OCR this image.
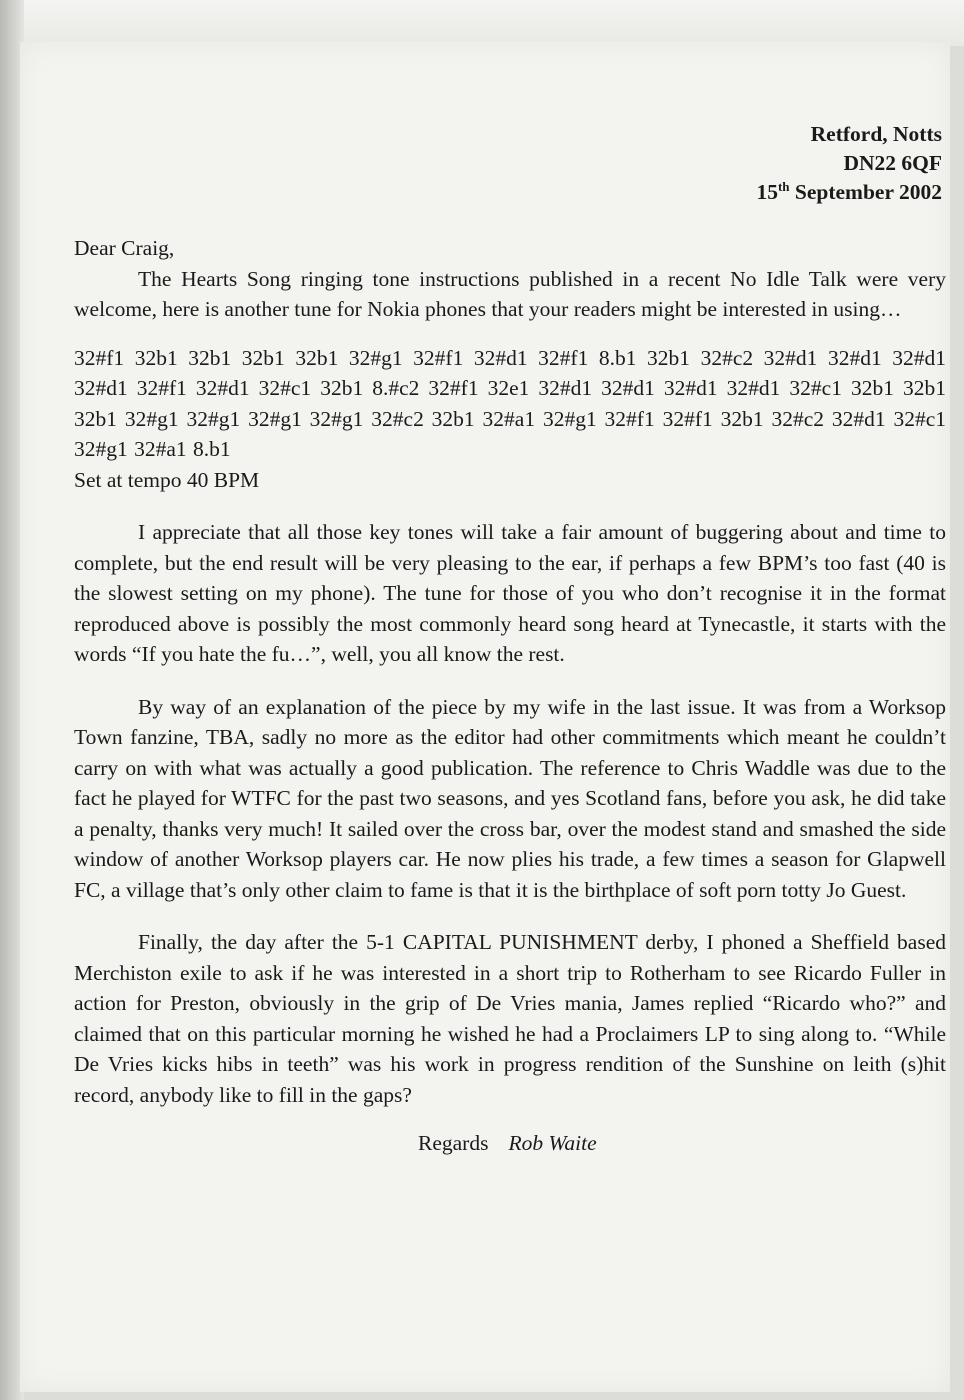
Retford, Notts
DN22 6QF
15th September 2002
Dear Craig,

The Hearts Song ringing tone instructions published in a recent No Idle Talk were very welcome, here is another tune for Nokia phones that your readers might be interested in using…

32#f1 32b1 32b1 32b1 32b1 32#g1 32#f1 32#d1 32#f1 8.b1 32b1 32#c2 32#d1 32#d1 32#d1 32#d1 32#f1 32#d1 32#c1 32b1 8.#c2 32#f1 32e1 32#d1 32#d1 32#d1 32#d1 32#c1 32b1 32b1 32b1 32#g1 32#g1 32#g1 32#g1 32#c2 32b1 32#a1 32#g1 32#f1 32#f1 32b1 32#c2 32#d1 32#c1 32#g1 32#a1 8.b1
Set at tempo 40 BPM

I appreciate that all those key tones will take a fair amount of buggering about and time to complete, but the end result will be very pleasing to the ear, if perhaps a few BPM’s too fast (40 is the slowest setting on my phone). The tune for those of you who don’t recognise it in the format reproduced above is possibly the most commonly heard song heard at Tynecastle, it starts with the words “If you hate the fu…”, well, you all know the rest.

By way of an explanation of the piece by my wife in the last issue. It was from a Worksop Town fanzine, TBA, sadly no more as the editor had other commitments which meant he couldn’t carry on with what was actually a good publication. The reference to Chris Waddle was due to the fact he played for WTFC for the past two seasons, and yes Scotland fans, before you ask, he did take a penalty, thanks very much! It sailed over the cross bar, over the modest stand and smashed the side window of another Worksop players car. He now plies his trade, a few times a season for Glapwell FC, a village that’s only other claim to fame is that it is the birthplace of soft porn totty Jo Guest.

Finally, the day after the 5-1 CAPITAL PUNISHMENT derby, I phoned a Sheffield based Merchiston exile to ask if he was interested in a short trip to Rotherham to see Ricardo Fuller in action for Preston, obviously in the grip of De Vries mania, James replied “Ricardo who?” and claimed that on this particular morning he wished he had a Proclaimers LP to sing along to. “While De Vries kicks hibs in teeth” was his work in progress rendition of the Sunshine on leith (s)hit record, anybody like to fill in the gaps?

Regards Rob Waite
